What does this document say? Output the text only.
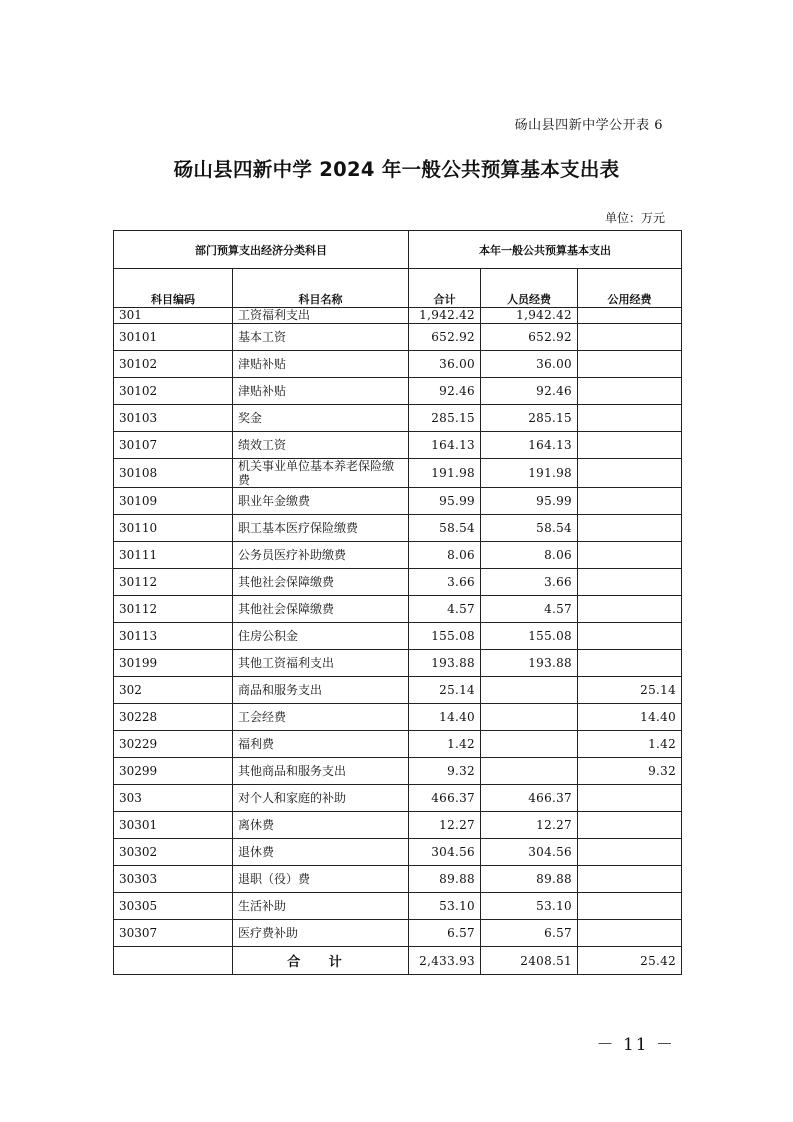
砀山县四新中学公开表 6
砀山县四新中学 2024 年一般公共预算基本支出表
单位：万元
部门预算支出经济分类科目		本年一般公共预算基本支出		
科目编码	科目名称	合计	人员经费	公用经费
301	工资福利支出	1,942.42	1,942.42	
30101	基本工资	652.92	652.92	
30102	津贴补贴	36.00	36.00	
30102	津贴补贴	92.46	92.46	
30103	奖金	285.15	285.15	
30107	绩效工资	164.13	164.13	
30108	机关事业单位基本养老保险缴费	191.98	191.98	
30109	职业年金缴费	95.99	95.99	
30110	职工基本医疗保险缴费	58.54	58.54	
30111	公务员医疗补助缴费	8.06	8.06	
30112	其他社会保障缴费	3.66	3.66	
30112	其他社会保障缴费	4.57	4.57	
30113	住房公积金	155.08	155.08	
30199	其他工资福利支出	193.88	193.88	
302	商品和服务支出	25.14		25.14
30228	工会经费	14.40		14.40
30229	福利费	1.42		1.42
30299	其他商品和服务支出	9.32		9.32
303	对个人和家庭的补助	466.37	466.37	
30301	离休费	12.27	12.27	
30302	退休费	304.56	304.56	
30303	退职（役）费	89.88	89.88	
30305	生活补助	53.10	53.10	
30307	医疗费补助	6.57	6.57	
	合 计	2,433.93	2408.51	25.42
－ 11 －
